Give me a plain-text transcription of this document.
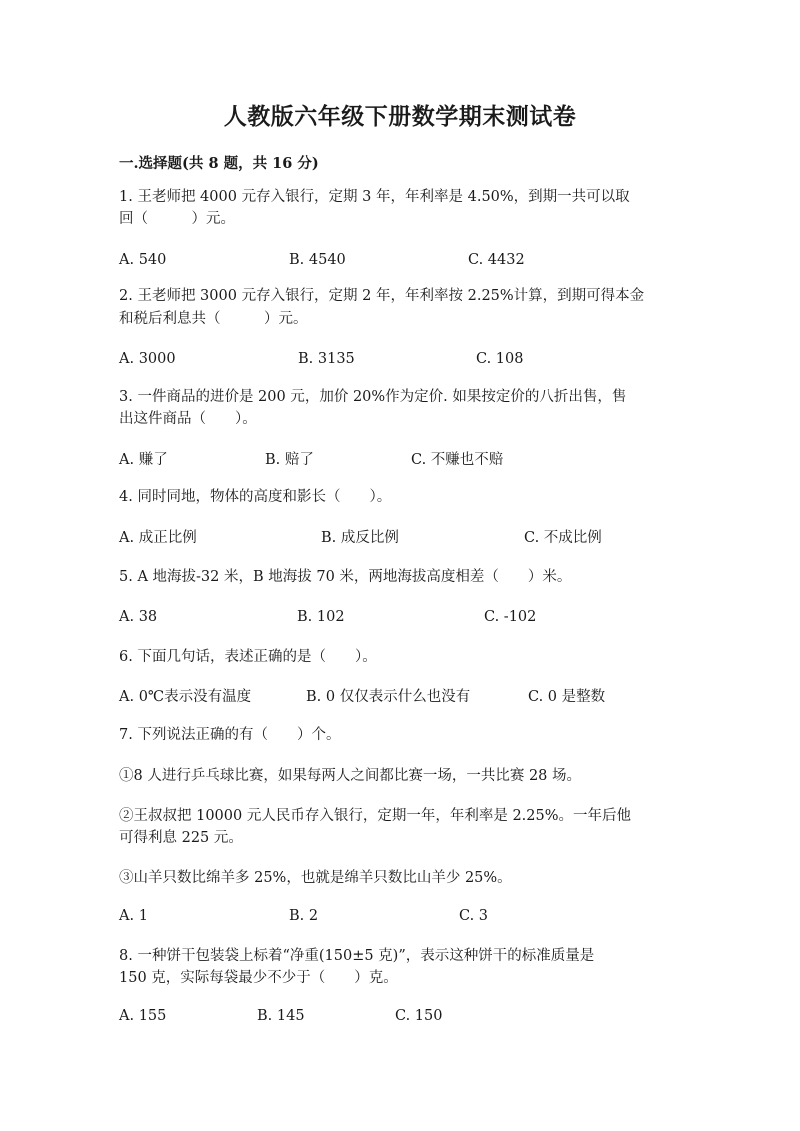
人教版六年级下册数学期末测试卷
一.选择题(共 8 题，共 16 分)
1. 王老师把 4000 元存入银行，定期 3 年，年利率是 4.50%，到期一共可以取
回（　　　）元。
A. 540	B. 4540	C. 4432
2. 王老师把 3000 元存入银行，定期 2 年，年利率按 2.25%计算，到期可得本金
和税后利息共（　　　）元。
A. 3000	B. 3135	C. 108
3. 一件商品的进价是 200 元，加价 20%作为定价. 如果按定价的八折出售，售
出这件商品（　　）。
A. 赚了	B. 赔了	C. 不赚也不赔
4. 同时同地，物体的高度和影长（　　）。
A. 成正比例	B. 成反比例	C. 不成比例
5. A 地海拔-32 米，B 地海拔 70 米，两地海拔高度相差（　　）米。
A. 38	B. 102	C. -102
6. 下面几句话，表述正确的是（　　）。
A. 0℃表示没有温度	B. 0 仅仅表示什么也没有	C. 0 是整数
7. 下列说法正确的有（　　）个。
①8 人进行乒乓球比赛，如果每两人之间都比赛一场，一共比赛 28 场。
②王叔叔把 10000 元人民币存入银行，定期一年，年利率是 2.25%。一年后他
可得利息 225 元。
③山羊只数比绵羊多 25%，也就是绵羊只数比山羊少 25%。
A. 1	B. 2	C. 3
8. 一种饼干包装袋上标着“净重(150±5 克)”，表示这种饼干的标准质量是
150 克，实际每袋最少不少于（　　）克。
A. 155	B. 145	C. 150
